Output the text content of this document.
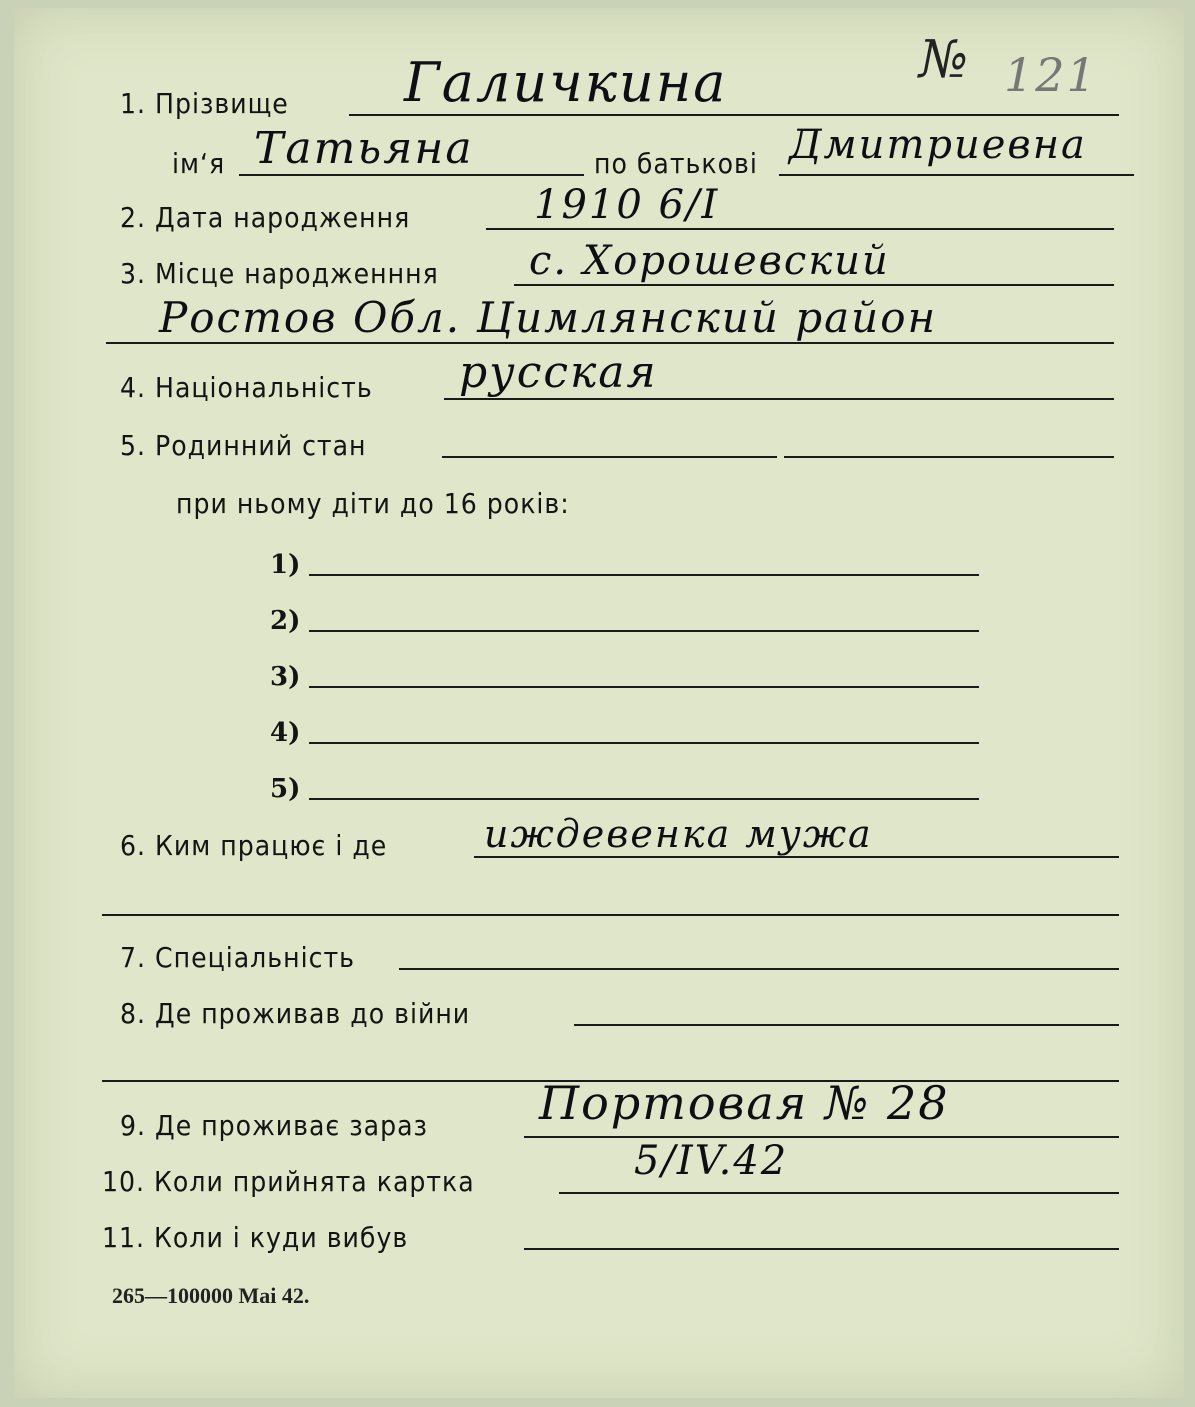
№ 121
1. Прізвище Галичкина
ім‘я Татьяна	по батькові Дмитриевна
2. Дата народження	1910 6/I
3. Місце народженння с. Хорошевский
Ростов Обл. Цимлянский район
4. Національність русская
5. Родинний стан
при ньому діти до 16 років:
1)
2)
3)
4)
5)
6. Ким працює і де	иждевенка мужа
7. Спеціальність
8. Де проживав до війни
9. Де проживає зараз Портовая № 28
10. Коли прийнята картка	5/IV.42
11. Коли і куди вибув
265—100000 Mai 42.
